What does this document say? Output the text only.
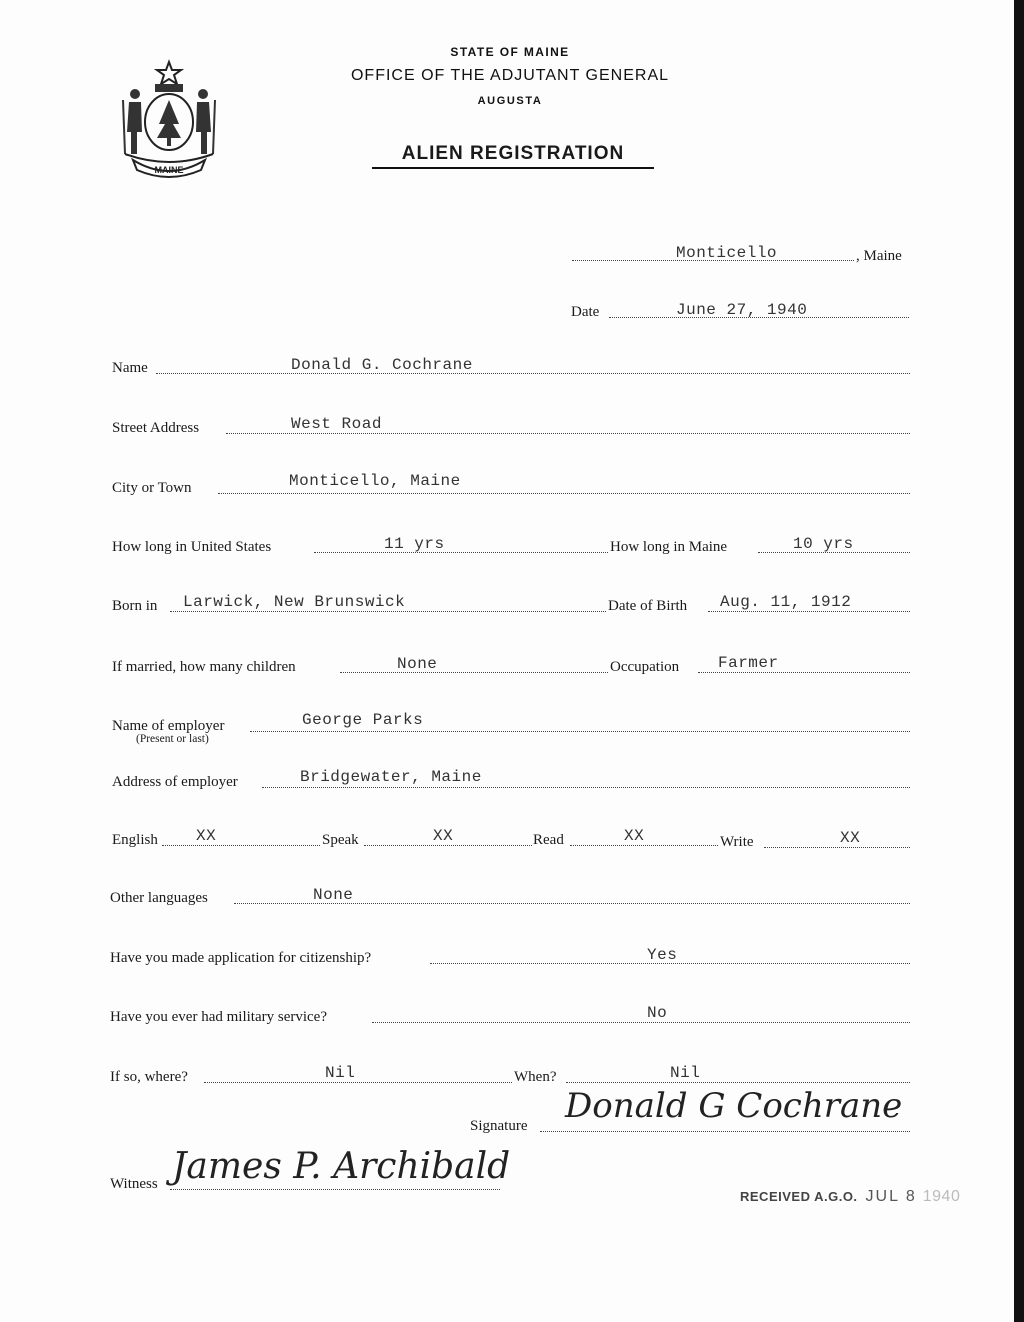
MAINE
STATE OF MAINE
OFFICE OF THE ADJUTANT GENERAL
AUGUSTA
ALIEN REGISTRATION
Monticello	, Maine
Date	June 27, 1940
Name	Donald G. Cochrane
Street Address	West Road
City or Town	Monticello, Maine
How long in United States	11 yrs	How long in Maine	10 yrs
Born in Larwick, New Brunswick	Date of Birth Aug. 11, 1912
If married, how many children	None	Occupation Farmer
Name of employer
(Present or last)
George Parks
Address of employer	Bridgewater, Maine
English XX	Speak	XX	Read	XX	Write	XX
Other languages	None
Have you made application for citizenship?	Yes
Have you ever had military service?	No
If so, where?	Nil	When?	Nil
Signature Donald G Cochrane
Witness James P. Archibald
RECEIVED A.G.O. JUL 8 1940
